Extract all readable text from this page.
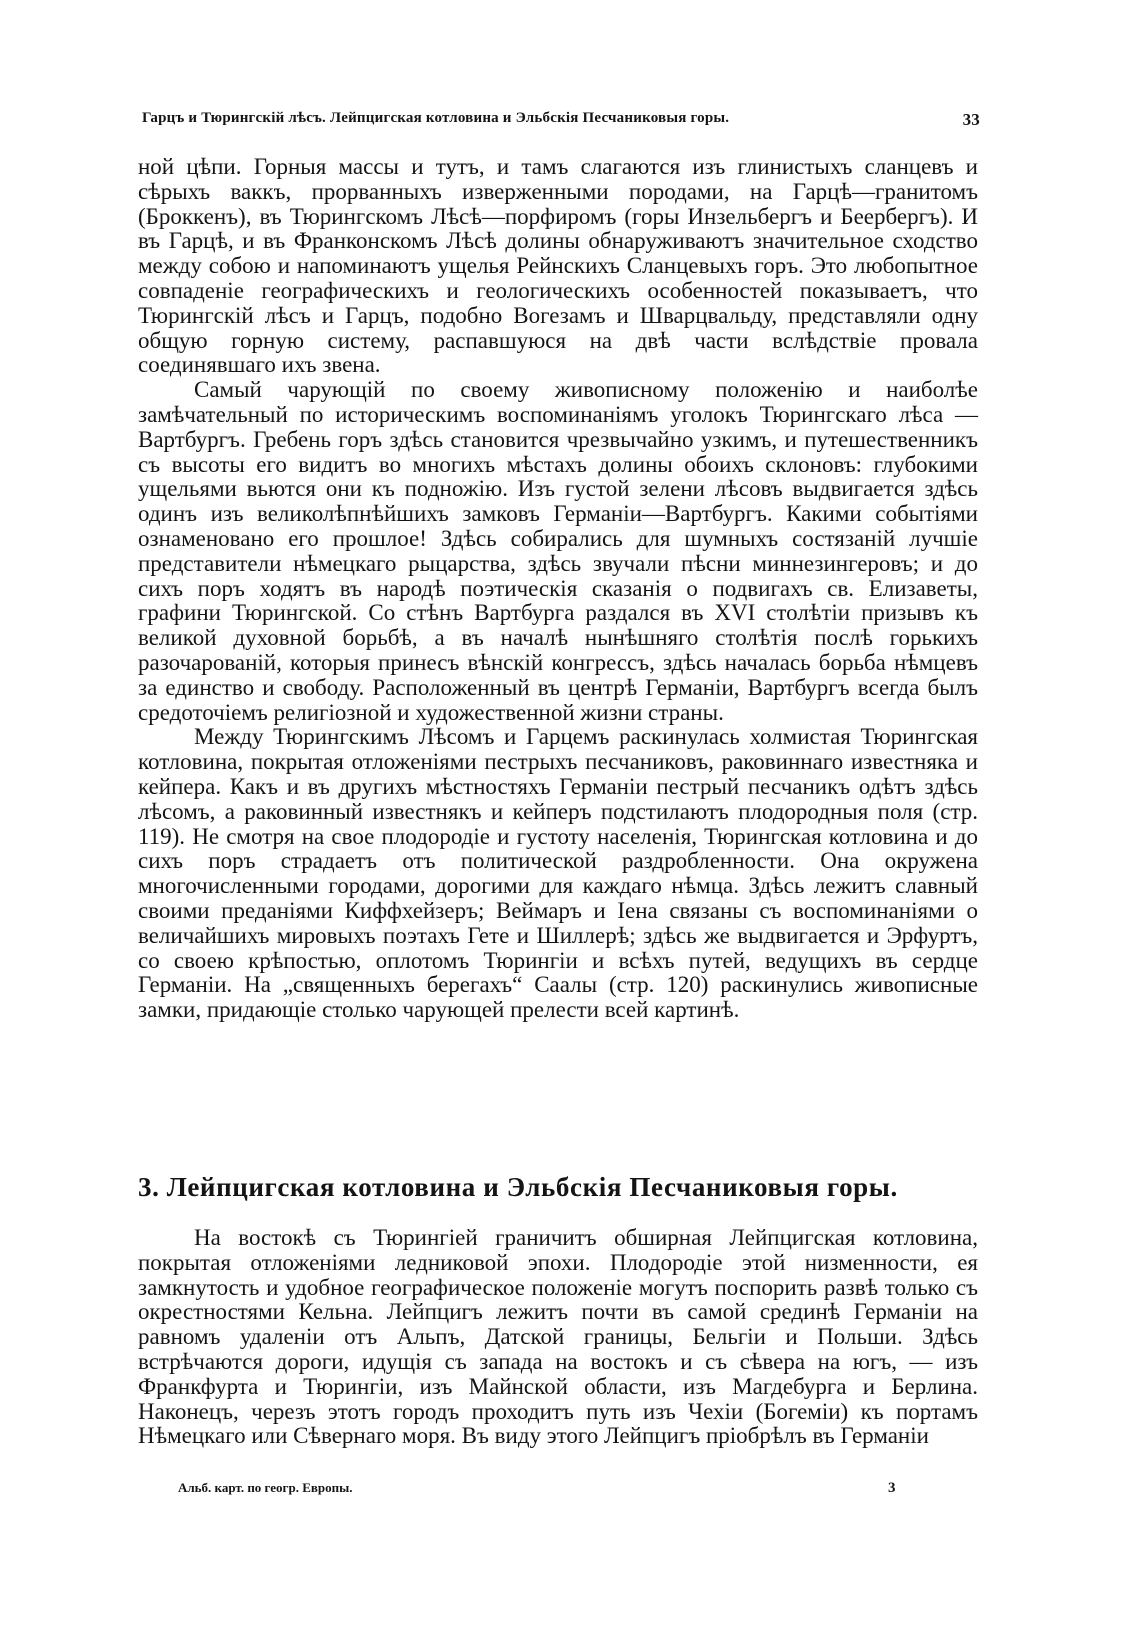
Гарцъ и Тюрингскій лѣсъ. Лейпцигская котловина и Эльбскія Песчаниковыя горы.	33

ной цѣпи. Горныя массы и тутъ, и тамъ слагаются изъ глинистыхъ сланцевъ и сѣрыхъ ваккъ, прорванныхъ изверженными породами, на Гарцѣ—гранитомъ (Броккенъ), въ Тюрингскомъ Лѣсѣ—порфиромъ (горы Инзельбергъ и Беербергъ). И въ Гарцѣ, и въ Франконскомъ Лѣсѣ долины обнаруживаютъ значительное сходство между собою и напоминаютъ ущелья Рейнскихъ Сланцевыхъ горъ. Это любопытное совпаденіе географическихъ и геологическихъ особенностей показываетъ, что Тюрингскій лѣсъ и Гарцъ, подобно Вогезамъ и Шварцвальду, представляли одну общую горную систему, распавшуюся на двѣ части вслѣдствіе провала соединявшаго ихъ звена.

Самый чарующій по своему живописному положенію и наиболѣе замѣчательный по историческимъ воспоминаніямъ уголокъ Тюрингскаго лѣса — Вартбургъ. Гребень горъ здѣсь становится чрезвычайно узкимъ, и путешественникъ съ высоты его видитъ во многихъ мѣстахъ долины обоихъ склоновъ: глубокими ущельями вьются они къ подножію. Изъ густой зелени лѣсовъ выдвигается здѣсь одинъ изъ великолѣпнѣйшихъ замковъ Германіи—Вартбургъ. Какими событіями ознаменовано его прошлое! Здѣсь собирались для шумныхъ состязаній лучшіе представители нѣмецкаго рыцарства, здѣсь звучали пѣсни миннезингеровъ; и до сихъ поръ ходятъ въ народѣ поэтическія сказанія о подвигахъ св. Елизаветы, графини Тюрингской. Со стѣнъ Вартбурга раздался въ XVI столѣтіи призывъ къ великой духовной борьбѣ, а въ началѣ нынѣшняго столѣтія послѣ горькихъ разочарованій, которыя принесъ вѣнскій конгрессъ, здѣсь началась борьба нѣмцевъ за единство и свободу. Расположенный въ центрѣ Германіи, Вартбургъ всегда былъ средоточіемъ религіозной и художественной жизни страны.

Между Тюрингскимъ Лѣсомъ и Гарцемъ раскинулась холмистая Тюрингская котловина, покрытая отложеніями пестрыхъ песчаниковъ, раковиннаго известняка и кейпера. Какъ и въ другихъ мѣстностяхъ Германіи пестрый песчаникъ одѣтъ здѣсь лѣсомъ, а раковинный известнякъ и кейперъ подстилаютъ плодородныя поля (стр. 119). Не смотря на свое плодородіе и густоту населенія, Тюрингская котловина и до сихъ поръ страдаетъ отъ политической раздробленности. Она окружена многочисленными городами, дорогими для каждаго нѣмца. Здѣсь лежитъ славный своими преданіями Киффхейзеръ; Веймаръ и Іена связаны съ воспоминаніями о величайшихъ мировыхъ поэтахъ Гете и Шиллерѣ; здѣсь же выдвигается и Эрфуртъ, со своею крѣпостью, оплотомъ Тюрингіи и всѣхъ путей, ведущихъ въ сердце Германіи. На „священныхъ берегахъ“ Саалы (стр. 120) раскинулись живописные замки, придающіе столько чарующей прелести всей картинѣ.

3. Лейпцигская котловина и Эльбскія Песчаниковыя горы.

На востокѣ съ Тюрингіей граничитъ обширная Лейпцигская котловина, покрытая отложеніями ледниковой эпохи. Плодородіе этой низменности, ея замкнутость и удобное географическое положеніе могутъ поспорить развѣ только съ окрестностями Кельна. Лейпцигъ лежитъ почти въ самой срединѣ Германіи на равномъ удаленіи отъ Альпъ, Датской границы, Бельгіи и Польши. Здѣсь встрѣчаются дороги, идущія съ запада на востокъ и съ сѣвера на югъ, — изъ Франкфурта и Тюрингіи, изъ Майнской области, изъ Магдебурга и Берлина. Наконецъ, черезъ этотъ городъ проходитъ путь изъ Чехіи (Богеміи) къ портамъ Нѣмецкаго или Сѣвернаго моря. Въ виду этого Лейпцигъ пріобрѣлъ въ Германіи

Альб. карт. по геогр. Европы.	3
